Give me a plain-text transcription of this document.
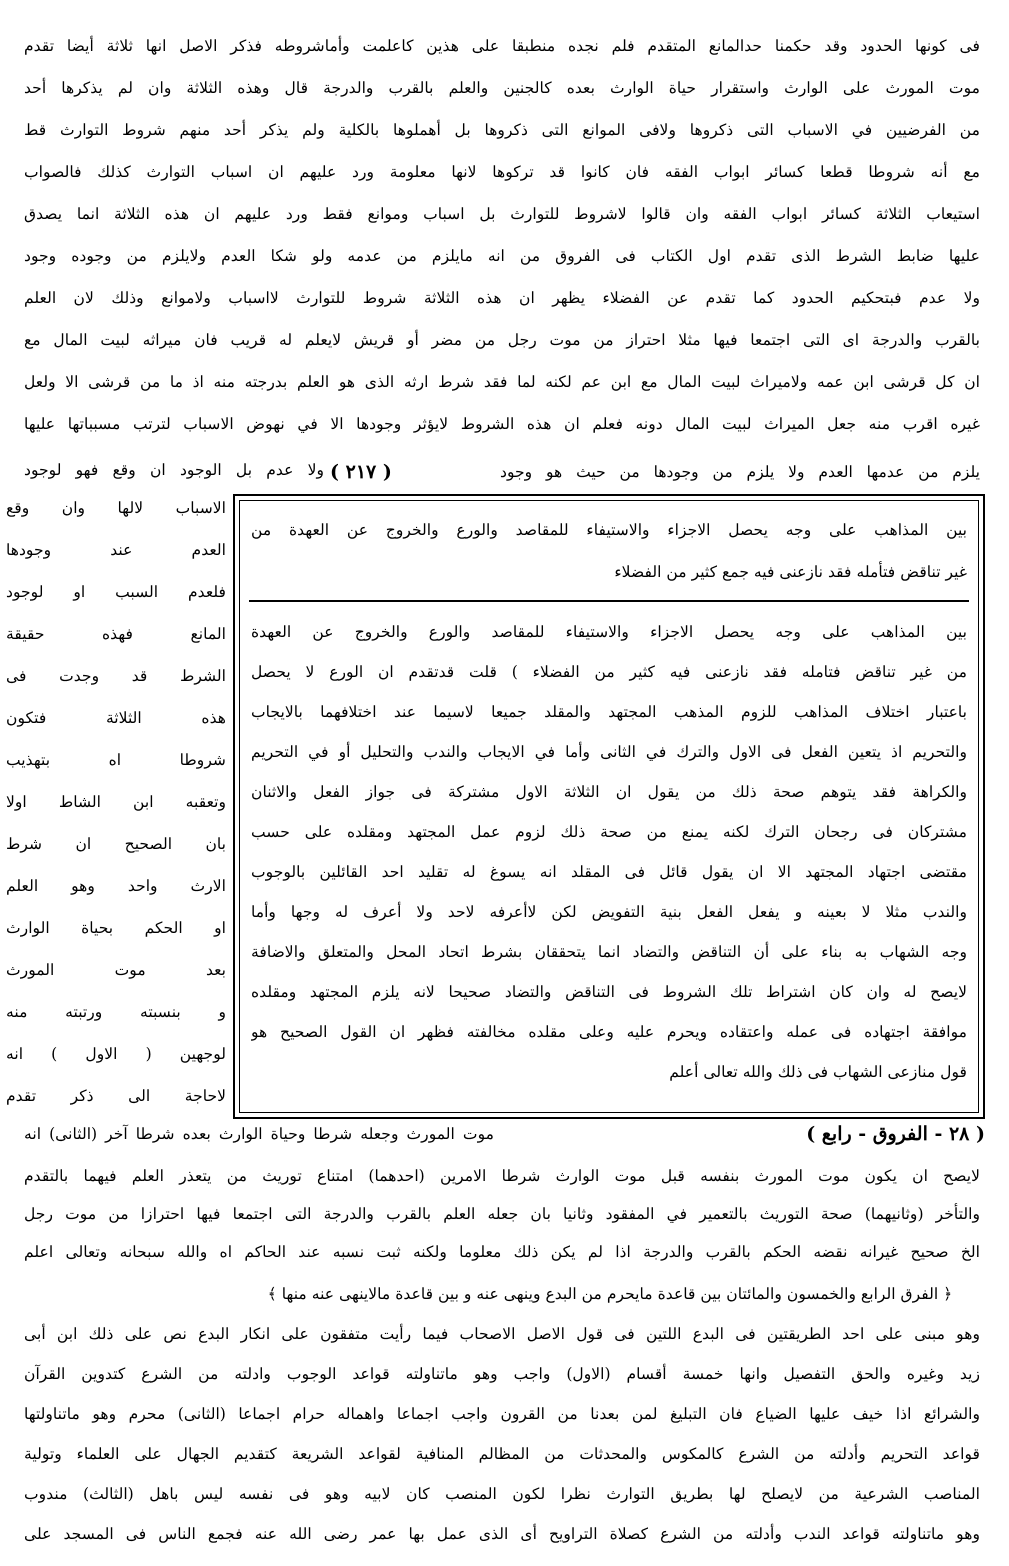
فى كونها الحدود وقد حكمنا حدالمانع المتقدم فلم نجده منطبقا على هذين كاعلمت وأماشروطه فذكر الاصل انها ثلاثة أيضا تقدم
موت المورث على الوارث واستقرار حياة الوارث بعده كالجنين والعلم بالقرب والدرجة قال وهذه الثلاثة وان لم يذكرها أحد
من الفرضيين في الاسباب التى ذكروها ولافى الموانع التى ذكروها بل أهملوها بالكلية ولم يذكر أحد منهم شروط التوارث قط
مع أنه شروطا قطعا كسائر ابواب الفقه فان كانوا قد تركوها لانها معلومة ورد عليهم ان اسباب التوارث كذلك فالصواب
استيعاب الثلاثة كسائر ابواب الفقه وان قالوا لاشروط للتوارث بل اسباب وموانع فقط ورد عليهم ان هذه الثلاثة انما يصدق
عليها ضابط الشرط الذى تقدم اول الكتاب فى الفروق من انه مايلزم من عدمه ولو شكا العدم ولايلزم من وجوده وجود
ولا عدم فبتحكيم الحدود كما تقدم عن الفضلاء يظهر ان هذه الثلاثة شروط للتوارث لااسباب ولاموانع وذلك لان العلم
بالقرب والدرجة اى التى اجتمعا فيها مثلا احتراز من موت رجل من مضر أو قريش لايعلم له قريب فان ميراثه لبيت المال مع
ان كل قرشى ابن عمه ولاميراث لبيت المال مع ابن عم لكنه لما فقد شرط ارثه الذى هو العلم بدرجته منه اذ ما من قرشى الا ولعل
غيره اقرب منه جعل الميراث لبيت المال دونه فعلم ان هذه الشروط لايؤثر وجودها الا في نهوض الاسباب لترتب مسبباتها عليها
ولا عدم بل الوجود ان وقع فهو لوجود	يلزم من عدمها العدم ولا يلزم من وجودها من حيث هو وجود
( ٢١٧ )
الاسباب لالها وان وقع
العدم عند وجودها
فلعدم السبب او لوجود
المانع فهذه حقيقة
الشرط قد وجدت فى
هذه الثلاثة فتكون
شروطا اه بتهذيب
وتعقبه ابن الشاط اولا
بان الصحيح ان شرط
الارث واحد وهو العلم
او الحكم بحياة الوارث
بعد موت المورث
و بنسبته ورتبته منه
لوجهين ( الاول ) انه
لاحاجة الى ذكر تقدم
بين المذاهب على وجه يحصل الاجزاء والاستيفاء للمقاصد والورع والخروج عن العهدة من
غير تناقض فتأمله فقد نازعنى فيه جمع كثير من الفضلاء
بين المذاهب على وجه يحصل الاجزاء والاستيفاء للمقاصد والورع والخروج عن العهدة
من غير تناقض فتامله فقد نازعنى فيه كثير من الفضلاء ) قلت قدتقدم ان الورع لا يحصل
باعتبار اختلاف المذاهب للزوم المذهب المجتهد والمقلد جميعا لاسيما عند اختلافهما بالايجاب
والتحريم اذ يتعين الفعل فى الاول والترك في الثانى وأما في الايجاب والندب والتحليل أو في التحريم
والكراهة فقد يتوهم صحة ذلك من يقول ان الثلاثة الاول مشتركة فى جواز الفعل والاثنان
مشتركان فى رجحان الترك لكنه يمنع من صحة ذلك لزوم عمل المجتهد ومقلده على حسب
مقتضى اجتهاد المجتهد الا ان يقول قائل فى المقلد انه يسوغ له تقليد احد القائلين بالوجوب
والندب مثلا لا بعينه و يفعل الفعل بنية التفويض لكن لاأعرفه لاحد ولا أعرف له وجها وأما
وجه الشهاب به بناء على أن التناقض والتضاد انما يتحققان بشرط اتحاد المحل والمتعلق والاضافة
لايصح له وان كان اشتراط تلك الشروط فى التناقض والتضاد صحيحا لانه يلزم المجتهد ومقلده
موافقة اجتهاده فى عمله واعتقاده ويحرم عليه وعلى مقلده مخالفته فظهر ان القول الصحيح هو
قول منازعى الشهاب فى ذلك والله تعالى أعلم
( ٢٨ - الفروق - رابع )
موت المورث وجعله شرطا وحياة الوارث بعده شرطا آخر (الثانى) انه
لايصح ان يكون موت المورث بنفسه قبل موت الوارث شرطا الامرين (احدهما) امتناع توريث من يتعذر العلم فيهما بالتقدم
والتأخر (وثانيهما) صحة التوريث بالتعمير في المفقود وثانيا بان جعله العلم بالقرب والدرجة التى اجتمعا فيها احترازا من موت رجل
الخ صحيح غيرانه نقضه الحكم بالقرب والدرجة اذا لم يكن ذلك معلوما ولكنه ثبت نسبه عند الحاكم اه والله سبحانه وتعالى اعلم
﴿ الفرق الرابع والخمسون والمائتان بين قاعدة مايحرم من البدع وينهى عنه و بين قاعدة مالاينهى عنه منها ﴾
وهو مبنى على احد الطريقتين فى البدع اللتين فى قول الاصل الاصحاب فيما رأيت متفقون على انكار البدع نص على ذلك ابن أبى
زيد وغيره والحق التفصيل وانها خمسة أقسام (الاول) واجب وهو ماتناولته قواعد الوجوب وادلته من الشرع كتدوين القرآن
والشرائع اذا خيف عليها الضياع فان التبليغ لمن بعدنا من القرون واجب اجماعا واهماله حرام اجماعا (الثانى) محرم وهو ماتناولتها
قواعد التحريم وأدلته من الشرع كالمكوس والمحدثات من المظالم المنافية لقواعد الشريعة كتقديم الجهال على العلماء وتولية
المناصب الشرعية من لايصلح لها بطريق التوارث نظرا لكون المنصب كان لابيه وهو فى نفسه ليس باهل (الثالث) مندوب
وهو ماتناولته قواعد الندب وأدلته من الشرع كصلاة التراويح أى الذى عمل بها عمر رضى الله عنه فجمع الناس فى المسجد على
